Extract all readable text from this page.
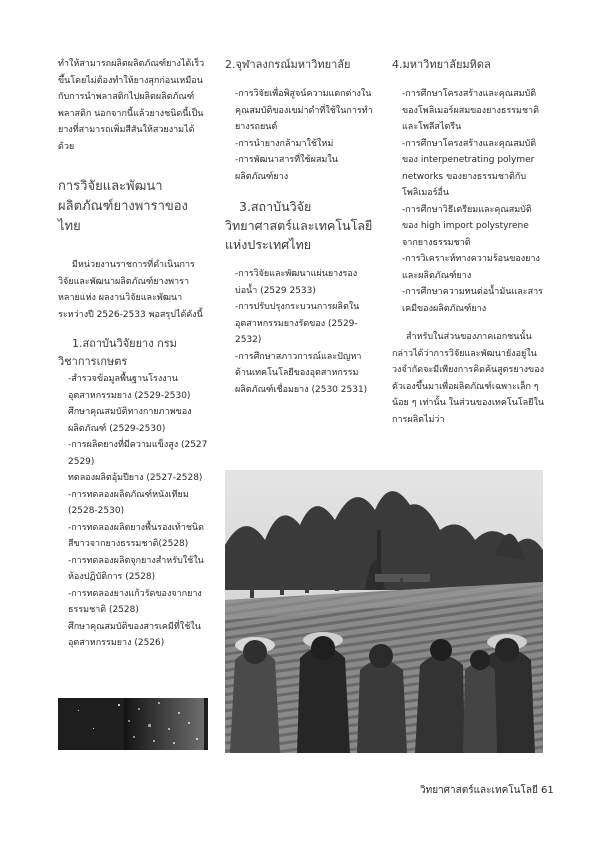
ทำให้สามารถผลิตผลิตภัณฑ์ยางได้เร็วขึ้นโดยไม่ต้องทำให้ยางสุกก่อนเหมือนกับการนำพลาสติกไปผลิตผลิตภัณฑ์พลาสติก นอกจากนี้แล้วยางชนิดนี้เป็นยางที่สามารถเพิ่มสีสันให้สวยงามได้ด้วย

การวิจัยและพัฒนาผลิตภัณฑ์ยางพาราของไทย

มีหน่วยงานราชการที่ดำเนินการวิจัยและพัฒนาผลิตภัณฑ์ยางพาราหลายแห่ง ผลงานวิจัยและพัฒนาระหว่างปี 2526-2533 พอสรุปได้ดังนี้

1.สถาบันวิจัยยาง กรมวิชาการเกษตร

-สำรวจข้อมูลพื้นฐานโรงงานอุตสาหกรรมยาง (2529-2530)

ศึกษาคุณสมบัติทางกายภาพของผลิตภัณฑ์ (2529-2530)

-การผลิตยางที่มีความแข็งสูง (2527 2529)

ทดลองผลิตอุ้มปียาง (2527-2528)

-การทดลองผลิตภัณฑ์หนังเทียม (2528-2530)

-การทดลองผลิตยางพื้นรองเท้าชนิดสีขาวจากยางธรรมชาติ(2528)

-การทดลองผลิตจุกยางสำหรับใช้ในห้องปฏิบัติการ (2528)

-การทดลองยางแก้วรัดของจากยางธรรมชาติ (2528)

ศึกษาคุณสมบัติของสารเคมีที่ใช้ในอุตสาหกรรมยาง (2526)

2.จุฬาลงกรณ์มหาวิทยาลัย

-การวิจัยเพื่อพิสูจน์ความแตกต่างในคุณสมบัติของเขม่าดำที่ใช้ในการทำยางรถยนต์

-การนำยางกล้ามาใช้ใหม่

-การพัฒนาสารที่ใช้ผสมในผลิตภัณฑ์ยาง

3.สถาบันวิจัยวิทยาศาสตร์และเทคโนโลยีแห่งประเทศไทย

-การวิจัยและพัฒนาแผ่นยางรองบ่อน้ำ (2529 2533)

-การปรับปรุงกระบวนการผลิตในอุตสาหกรรมยางรัดของ (2529-2532)

-การศึกษาสภาวการณ์และปัญหาด้านเทคโนโลยีของอุตสาหกรรมผลิตภัณฑ์เชื่อมยาง (2530 2531)

4.มหาวิทยาลัยมหิดล

-การศึกษาโครงสร้างและคุณสมบัติของโพลิเมอร์ผสมของยางธรรมชาติและโพลีสไตรีน

-การศึกษาโครงสร้างและคุณสมบัติของ interpenetrating polymer networks ของยางธรรมชาติกับโพลิเมอร์อื่น

-การศึกษาวิธีเตรียมและคุณสมบัติของ high import polystyrene จากยางธรรมชาติ

-การวิเคราะห์ทางความร้อนของยางและผลิตภัณฑ์ยาง

-การศึกษาความทนต่อน้ำมันและสารเคมีของผลิตภัณฑ์ยาง

สำหรับในส่วนของภาคเอกชนนั้นกล่าวได้ว่าการวิจัยและพัฒนายังอยู่ในวงจำกัดจะมีเพียงการคิดค้นสูตรยางของตัวเองขึ้นมาเพื่อผลิตภัณฑ์เฉพาะเล็ก ๆ น้อย ๆ เท่านั้น ในส่วนของเทคโนโลยีในการผลิตไม่ว่า

วิทยาศาสตร์และเทคโนโลยี 61
